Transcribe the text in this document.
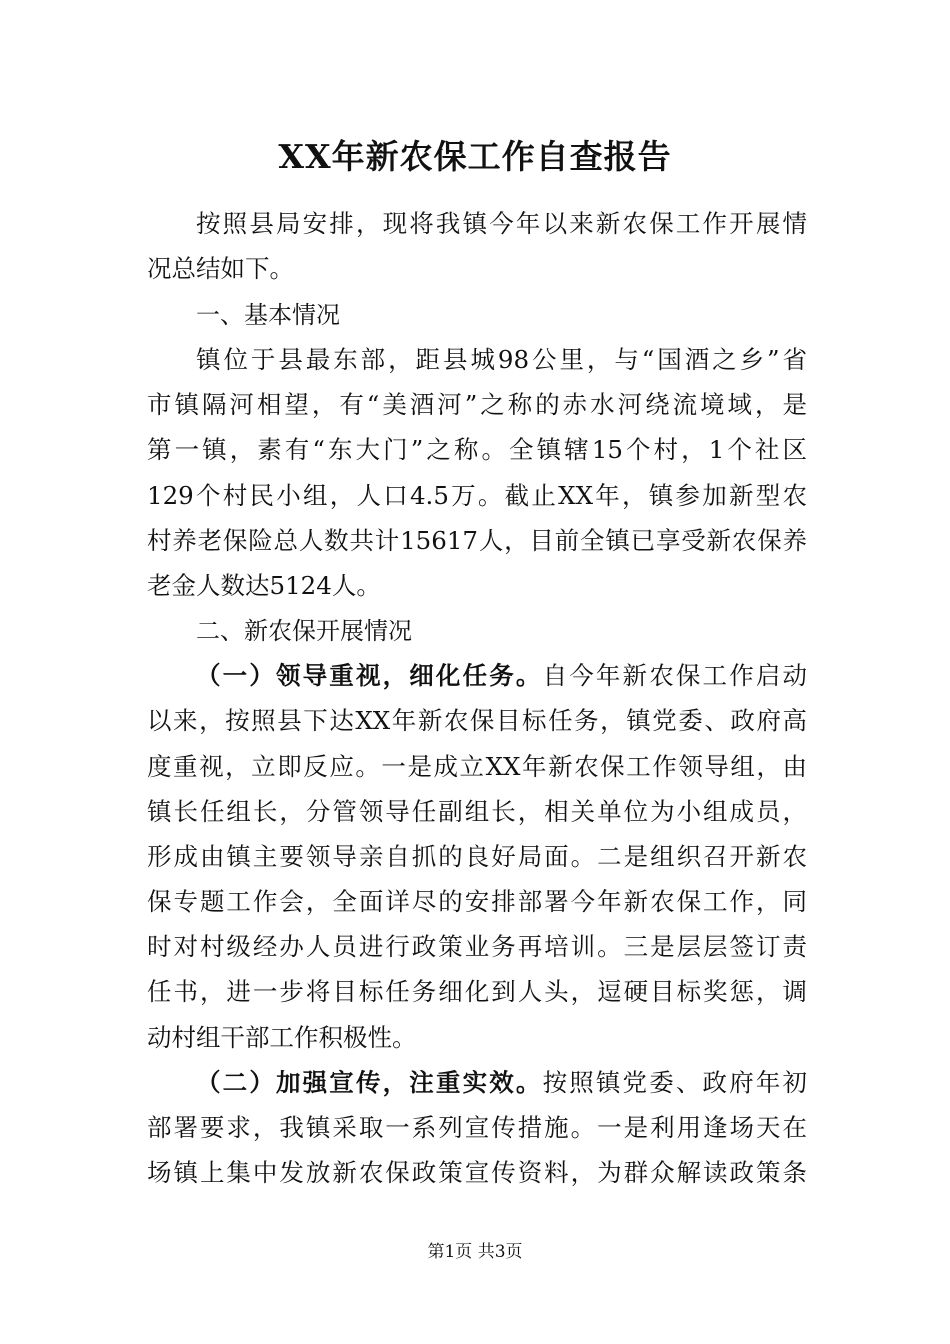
XX年新农保工作自查报告
按照县局安排，现将我镇今年以来新农保工作开展情
况总结如下。
一、基本情况
镇位于县最东部，距县城98公里，与“国酒之乡”省
市镇隔河相望，有“美酒河”之称的赤水河绕流境域，是
第一镇，素有“东大门”之称。全镇辖15个村，1个社区
129个村民小组，人口4.5万。截止XX年，镇参加新型农
村养老保险总人数共计15617人，目前全镇已享受新农保养
老金人数达5124人。
二、新农保开展情况
（一）领导重视，细化任务。自今年新农保工作启动
以来，按照县下达XX年新农保目标任务，镇党委、政府高
度重视，立即反应。一是成立XX年新农保工作领导组，由
镇长任组长，分管领导任副组长，相关单位为小组成员，
形成由镇主要领导亲自抓的良好局面。二是组织召开新农
保专题工作会，全面详尽的安排部署今年新农保工作，同
时对村级经办人员进行政策业务再培训。三是层层签订责
任书，进一步将目标任务细化到人头，逗硬目标奖惩，调
动村组干部工作积极性。
（二）加强宣传，注重实效。按照镇党委、政府年初
部署要求，我镇采取一系列宣传措施。一是利用逢场天在
场镇上集中发放新农保政策宣传资料，为群众解读政策条
第1页 共3页
